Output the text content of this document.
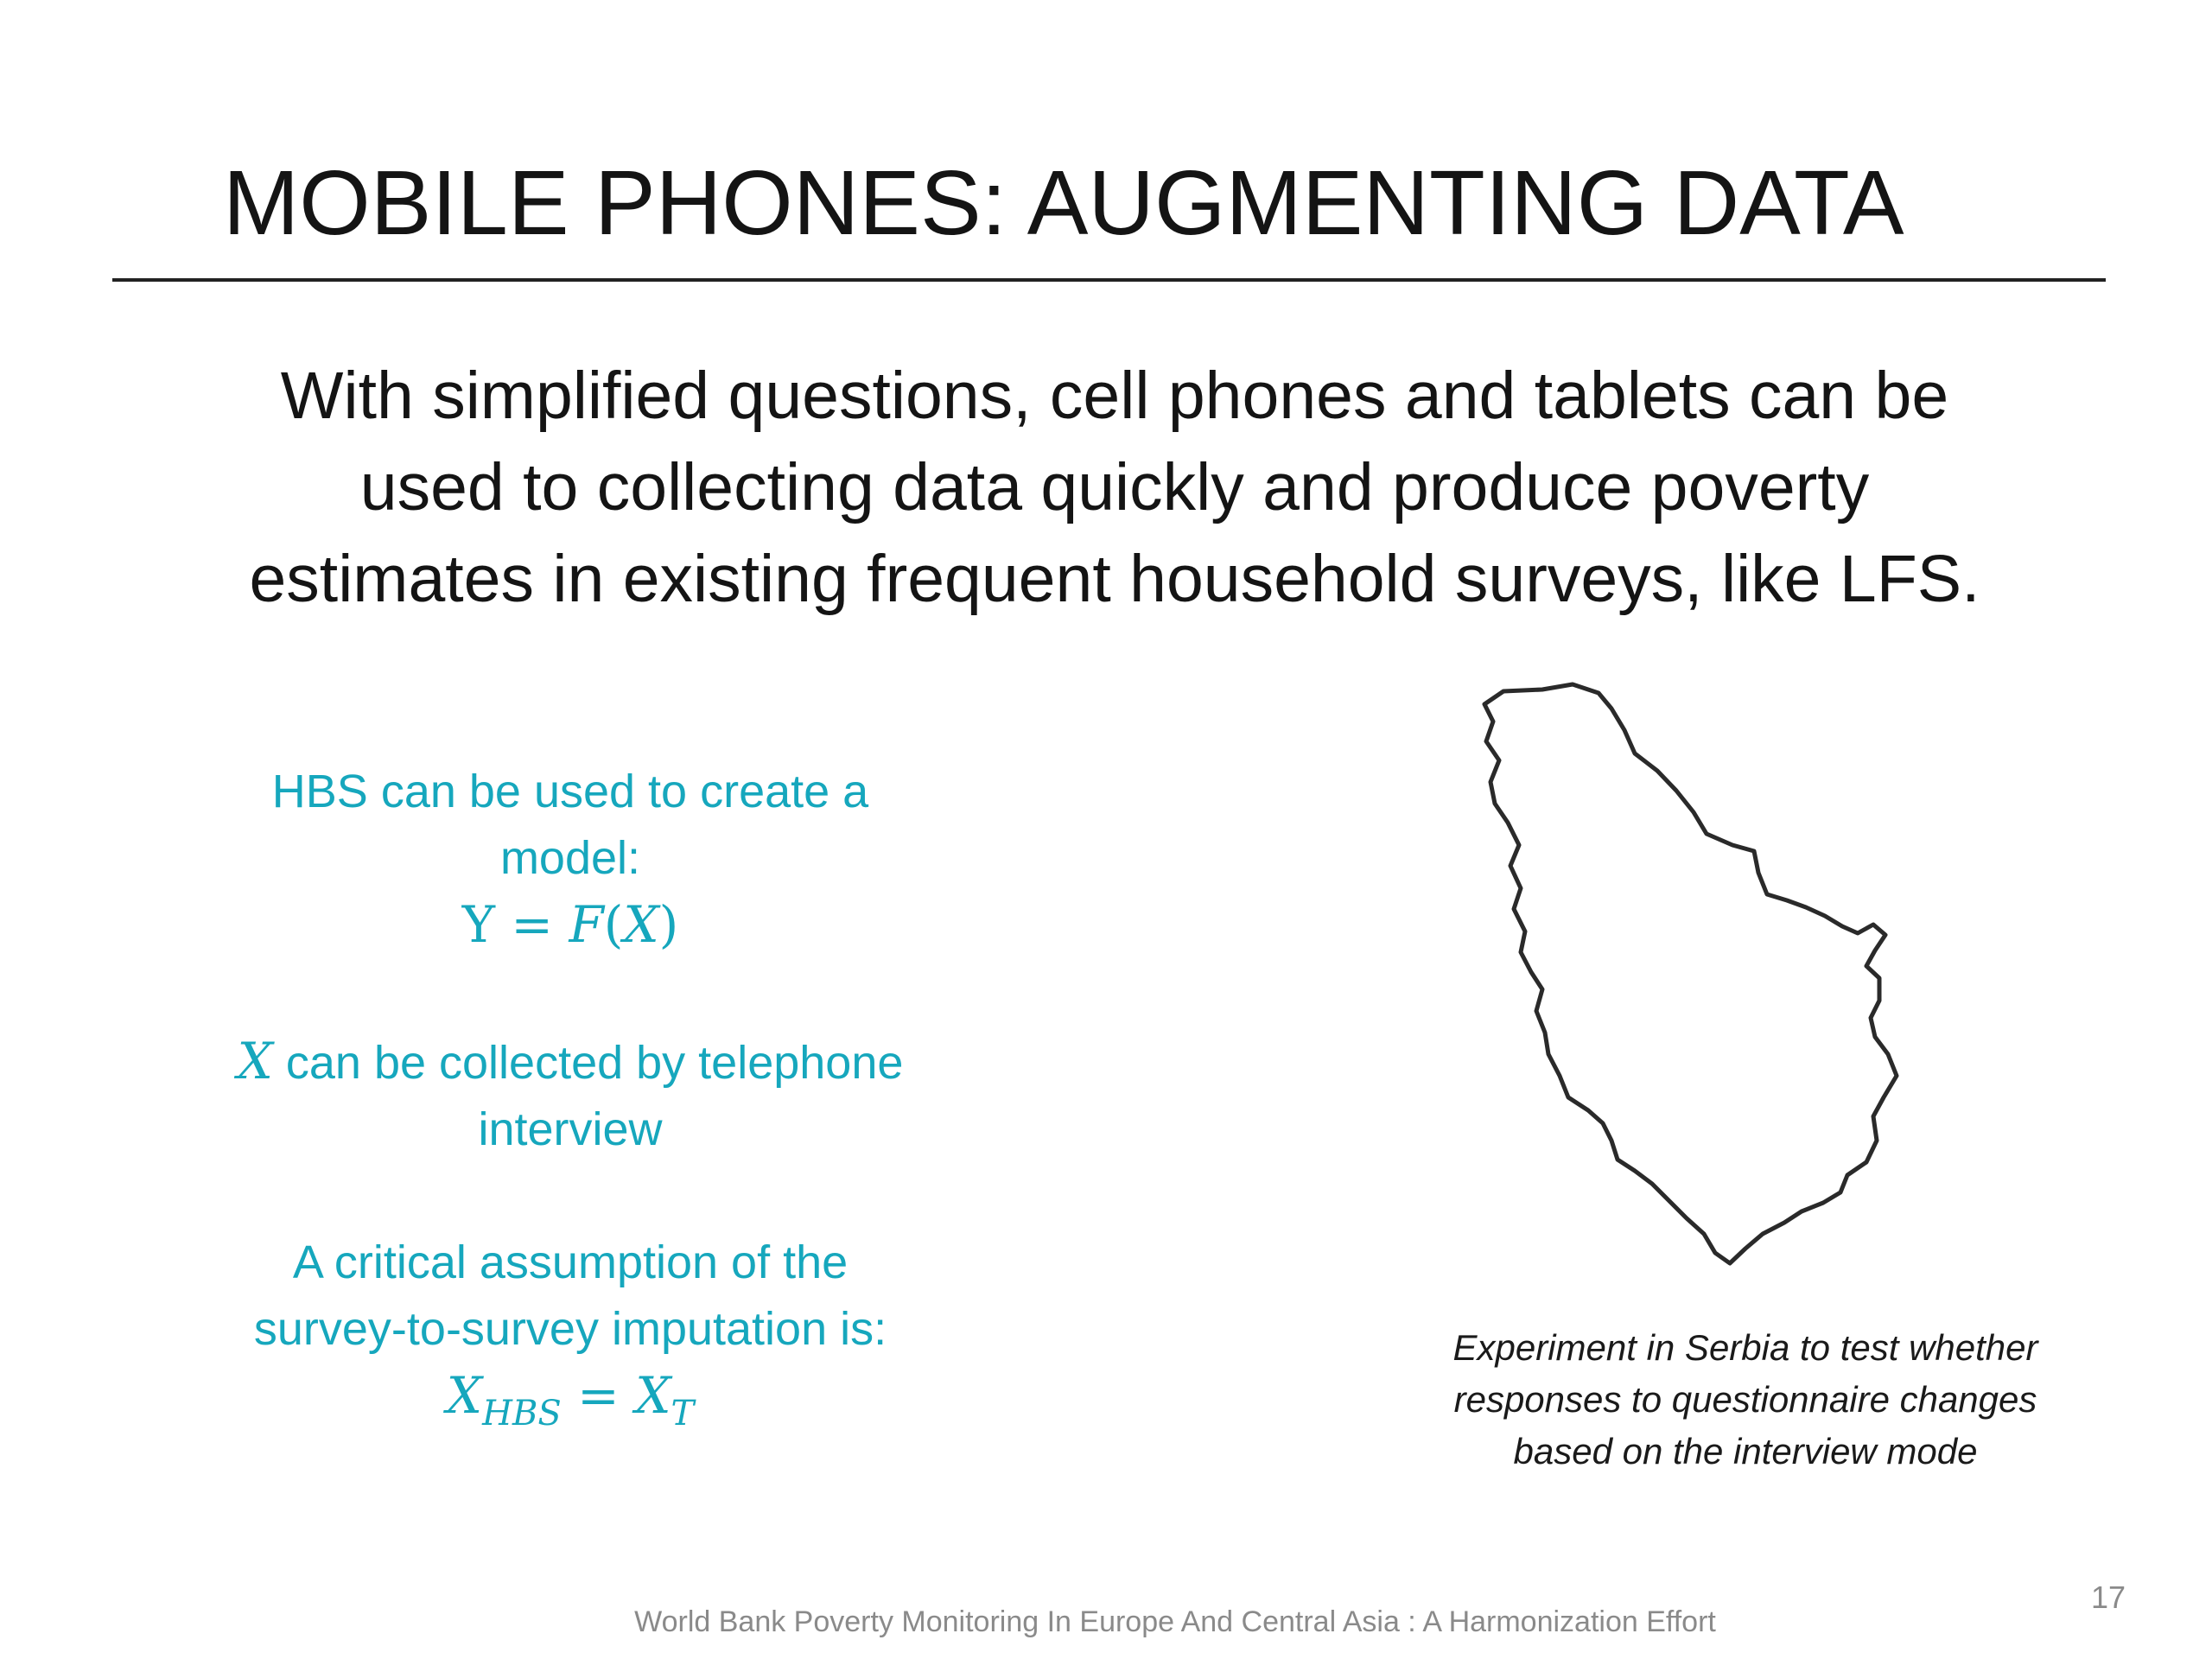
MOBILE PHONES: AUGMENTING DATA
With simplified questions, cell phones and tablets can be
used to collecting data quickly and produce poverty
estimates in existing frequent household surveys, like LFS.
HBS can be used to create a
model:
Y = F(X)
X can be collected by telephone
interview
A critical assumption of the
survey-to-survey imputation is:
$X_{HBS} = X_T$
Experiment in Serbia to test whether
responses to questionnaire changes
based on the interview mode
World Bank Poverty Monitoring In Europe And Central Asia : A Harmonization Effort
17
